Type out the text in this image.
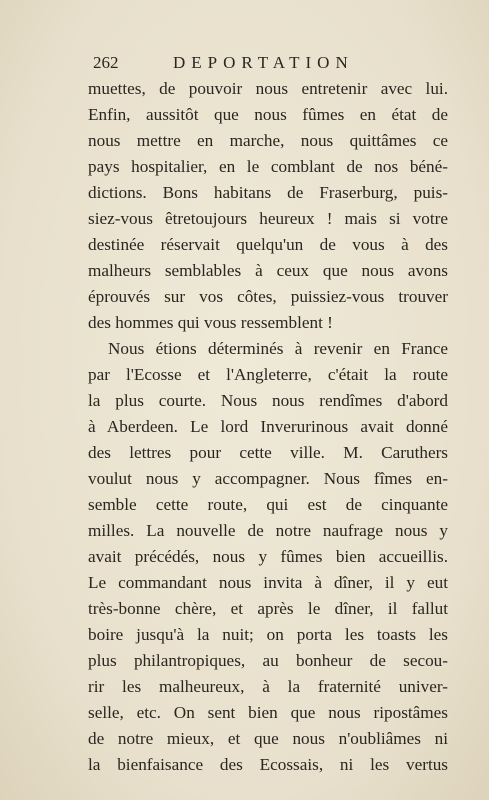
262	DEPORTATION
muettes, de pouvoir nous entretenir avec lui.
Enfin, aussitôt que nous fûmes en état de
nous mettre en marche, nous quittâmes ce
pays hospitalier, en le comblant de nos béné-
dictions. Bons habitans de Fraserburg, puis-
siez-vous êtretoujours heureux ! mais si votre
destinée réservait quelqu'un de vous à des
malheurs semblables à ceux que nous avons
éprouvés sur vos côtes, puissiez-vous trouver
des hommes qui vous ressemblent !
Nous étions déterminés à revenir en France
par l'Ecosse et l'Angleterre, c'était la route
la plus courte. Nous nous rendîmes d'abord
à Aberdeen. Le lord Inverurinous avait donné
des lettres pour cette ville. M. Caruthers
voulut nous y accompagner. Nous fîmes en-
semble cette route, qui est de cinquante
milles. La nouvelle de notre naufrage nous y
avait précédés, nous y fûmes bien accueillis.
Le commandant nous invita à dîner, il y eut
très-bonne chère, et après le dîner, il fallut
boire jusqu'à la nuit; on porta les toasts les
plus philantropiques, au bonheur de secou-
rir les malheureux, à la fraternité univer-
selle, etc. On sent bien que nous ripostâmes
de notre mieux, et que nous n'oubliâmes ni
la bienfaisance des Ecossais, ni les vertus
